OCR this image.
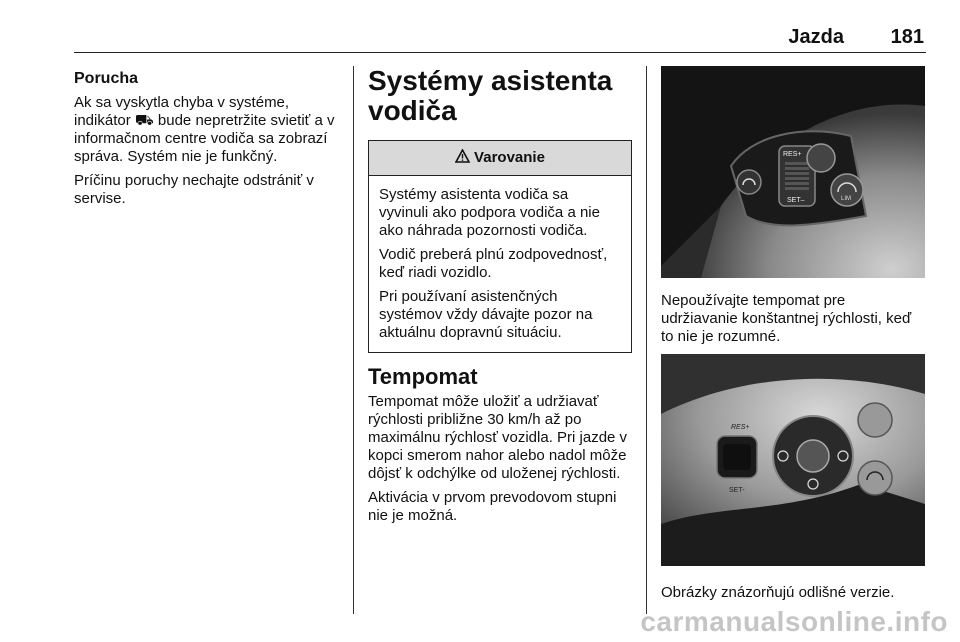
Jazda 181
Porucha

Ak sa vyskytla chyba v systéme, indikátor ⛟ bude nepretržite svietiť a v informačnom centre vodiča sa zobrazí správa. Systém nie je funkčný.

Príčinu poruchy nechajte odstrániť v servise.

Systémy asistenta
vodiča
Varovanie

Systémy asistenta vodiča sa vyvinuli ako podpora vodiča a nie ako náhrada pozornosti vodiča.

Vodič preberá plnú zodpovednosť, keď riadi vozidlo.

Pri používaní asistenčných systémov vždy dávajte pozor na aktuálnu dopravnú situáciu.

Tempomat

Tempomat môže uložiť a udržiavať rýchlosti približne 30 km/h až po maximálnu rýchlosť vozidla. Pri jazde v kopci smerom nahor alebo nadol môže dôjsť k odchýlke od uloženej rýchlosti.

Aktivácia v prvom prevodovom stupni nie je možná.

RES+
SET–	LIM
Nepoužívajte tempomat pre udržiavanie konštantnej rýchlosti, keď to nie je rozumné.
RES+
SET-
Obrázky znázorňujú odlišné verzie.
carmanualsonline.info
